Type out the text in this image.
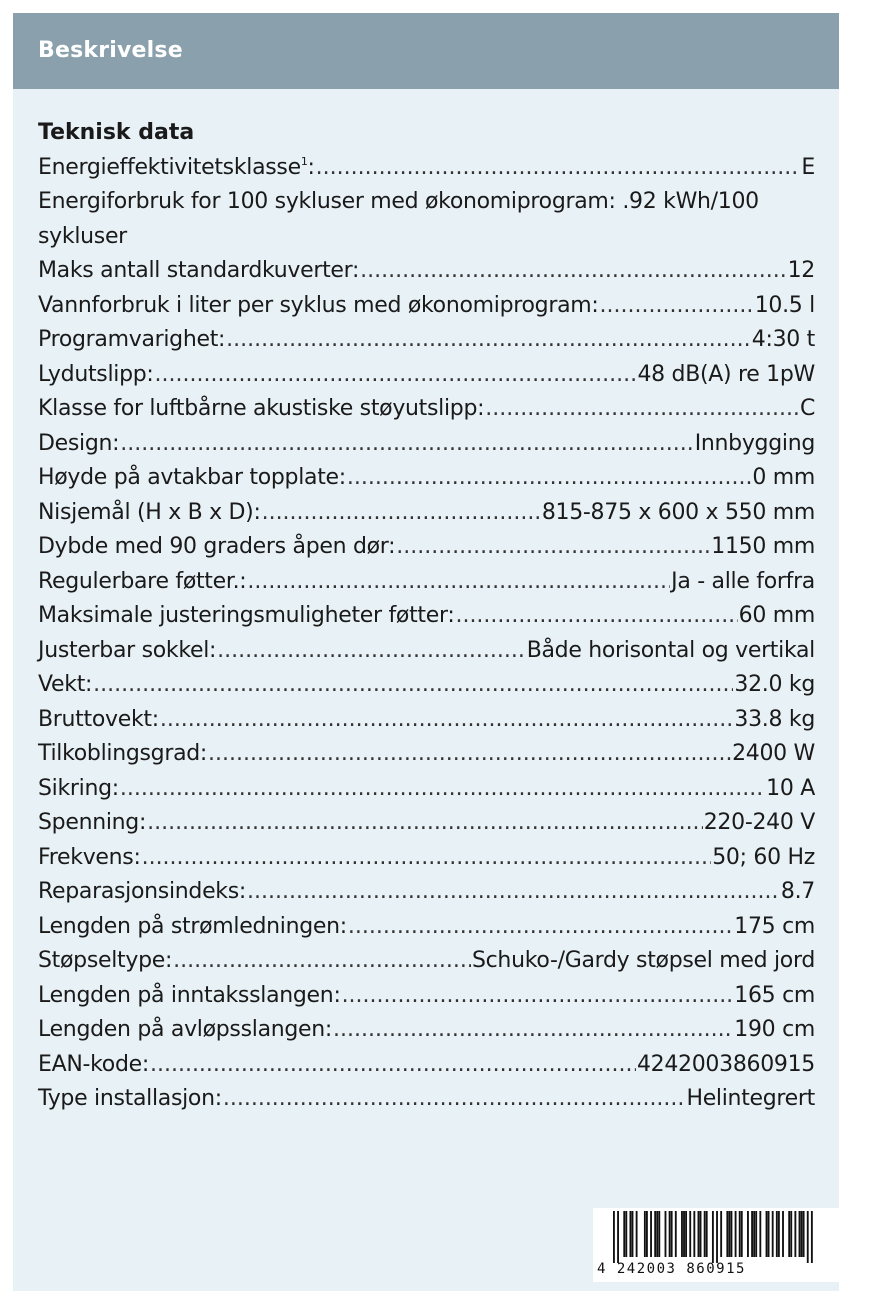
Beskrivelse
Teknisk data
Energieffektivitetsklasse$^1$: .....	E
Energiforbruk for 100 sykluser med økonomiprogram: .92 kWh/100 sykluser
Maks antall standardkuverter: .....	12
Vannforbruk i liter per syklus med økonomiprogram: .....	10.5 l
Programvarighet: .....	4:30 t
Lydutslipp: .....	48 dB(A) re 1pW
Klasse for luftbårne akustiske støyutslipp: .....	C
Design: .....	Innbygging
Høyde på avtakbar topplate: .....	0 mm
Nisjemål (H x B x D): .....	815-875 x 600 x 550 mm
Dybde med 90 graders åpen dør: .....	1150 mm
Regulerbare føtter.: .....	Ja - alle forfra
Maksimale justeringsmuligheter føtter: .....	60 mm
Justerbar sokkel: .....	Både horisontal og vertikal
Vekt: .....	32.0 kg
Bruttovekt: .....	33.8 kg
Tilkoblingsgrad: .....	2400 W
Sikring: .....	10 A
Spenning: .....	220-240 V
Frekvens: .....	50; 60 Hz
Reparasjonsindeks: .....	8.7
Lengden på strømledningen: .....	175 cm
Støpseltype: .....	Schuko-/Gardy støpsel med jord
Lengden på inntaksslangen: .....	165 cm
Lengden på avløpsslangen: .....	190 cm
EAN-kode: .....	4242003860915
Type installasjon: .....	Helintegrert
4 242003 860915
